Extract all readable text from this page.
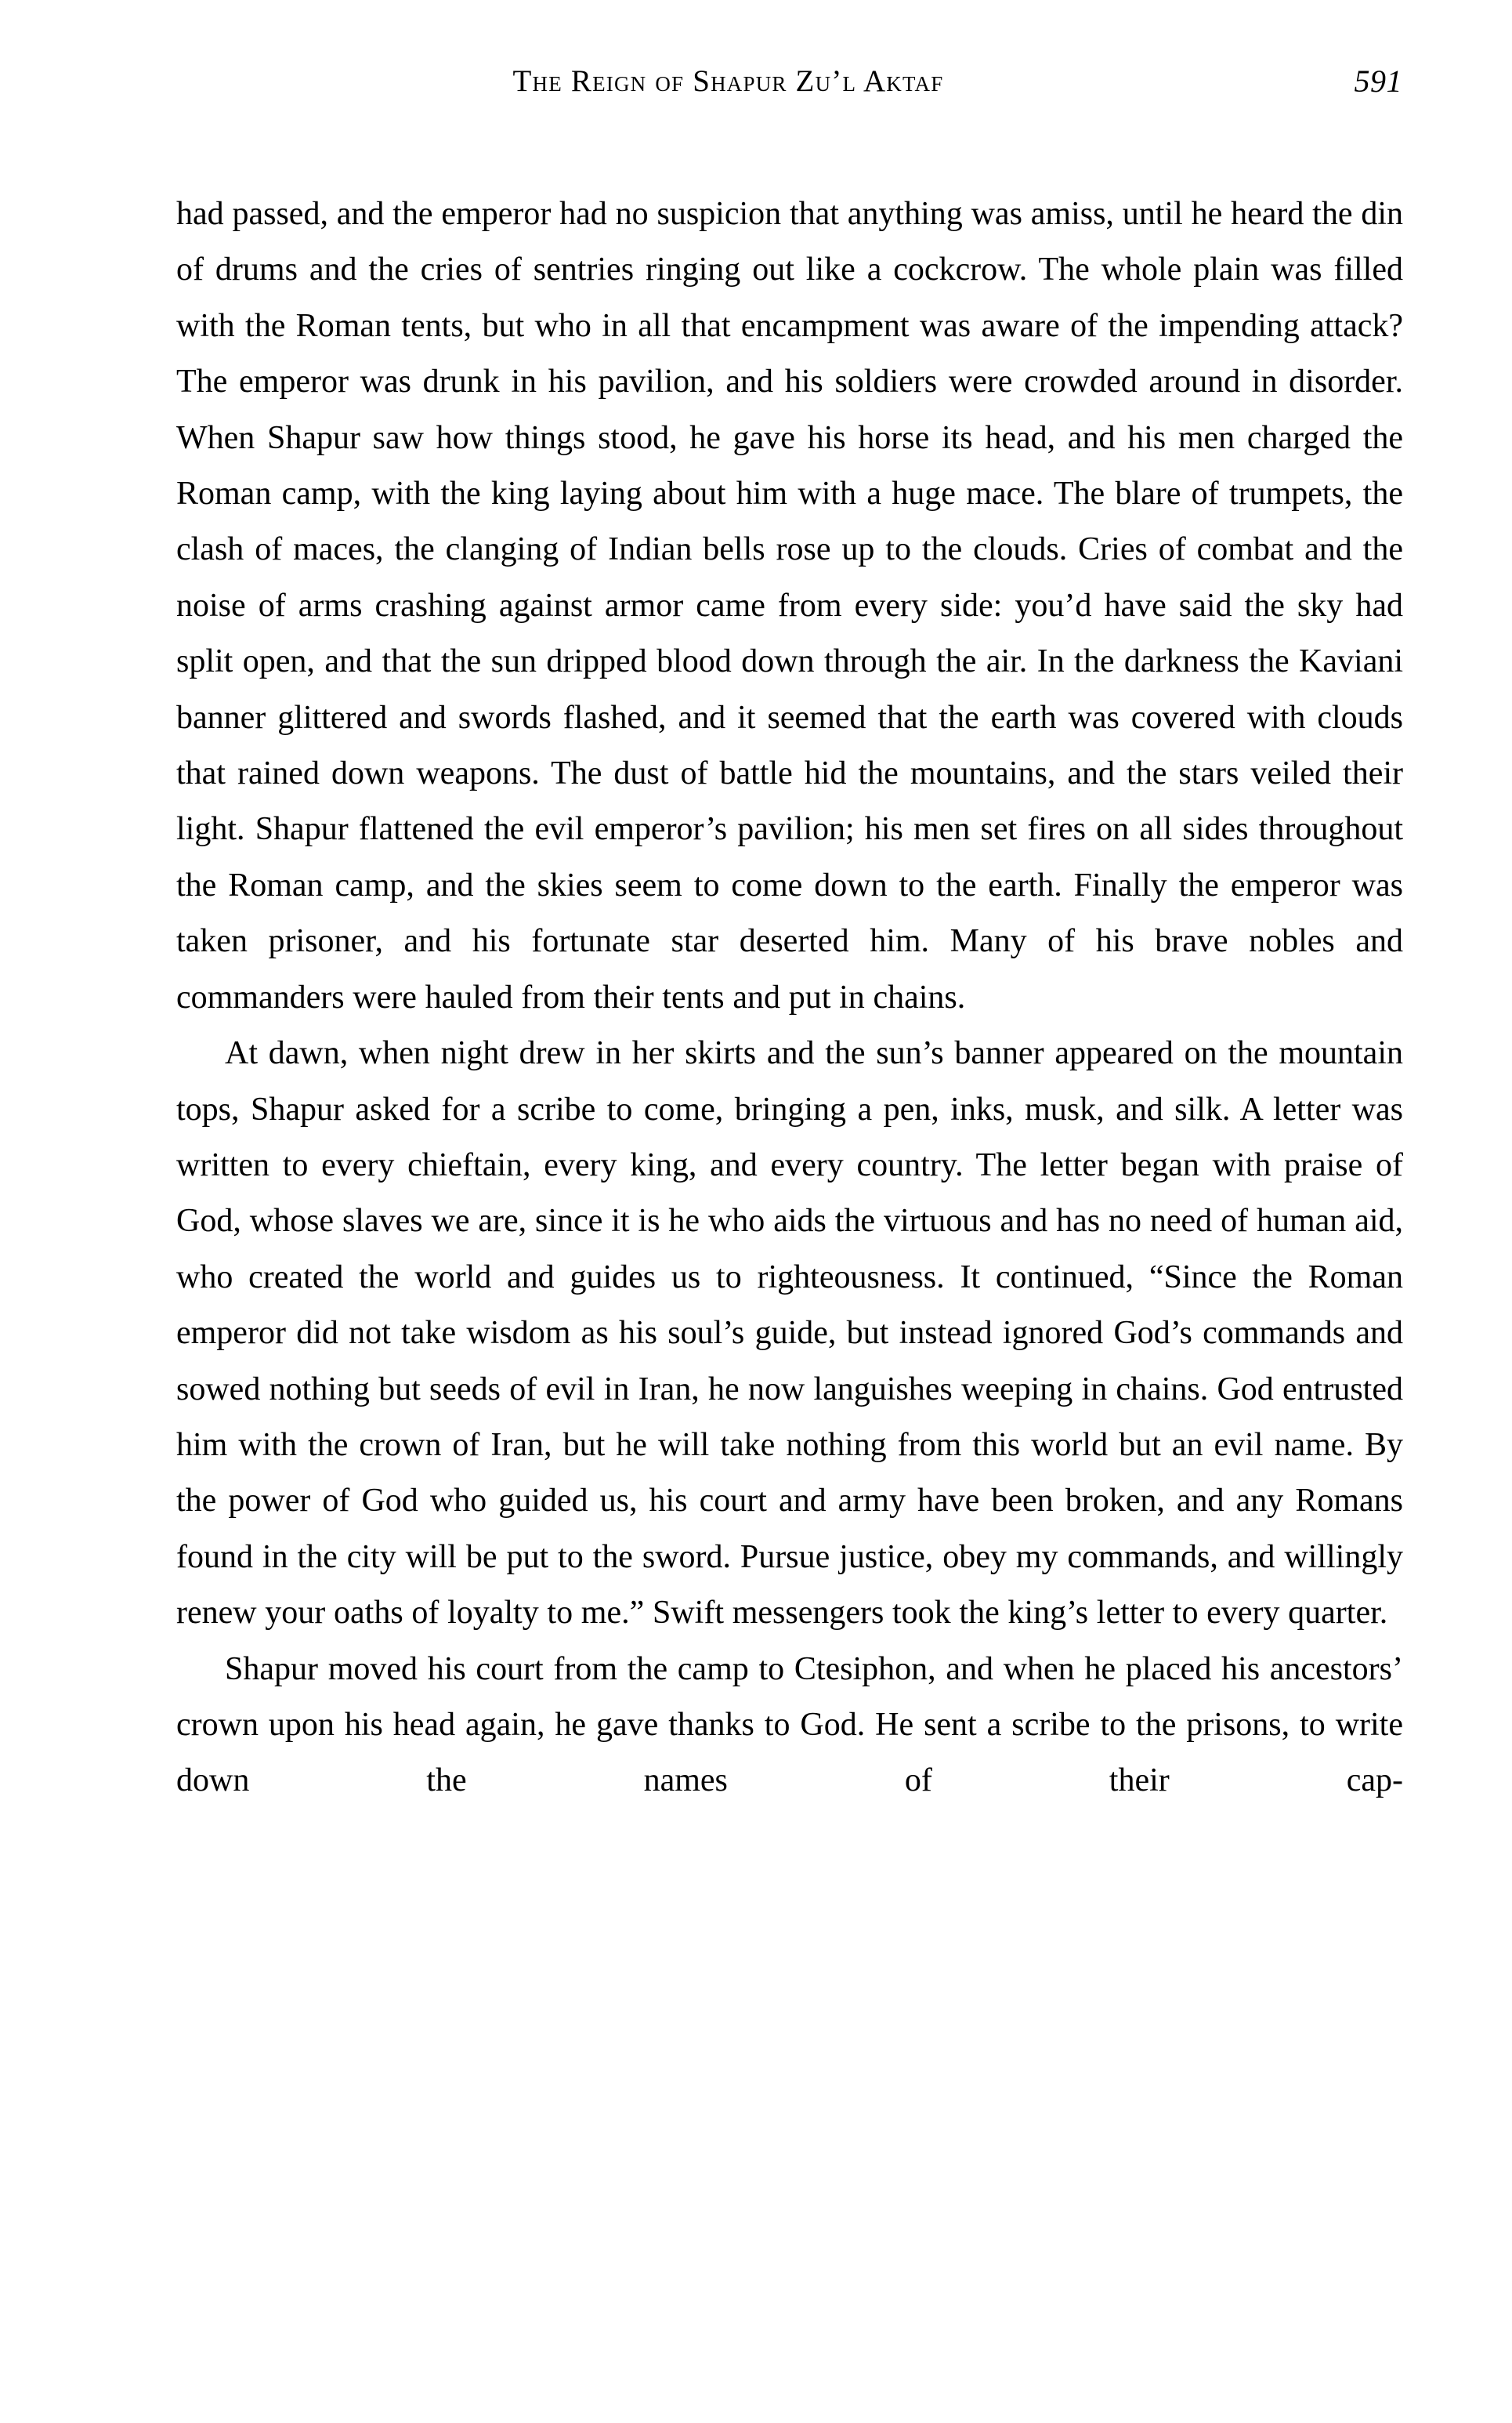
The Reign of Shapur Zu’l Aktaf	591

had passed, and the emperor had no suspicion that anything was amiss, until he heard the din of drums and the cries of sentries ringing out like a cockcrow. The whole plain was filled with the Roman tents, but who in all that encampment was aware of the impending attack? The emperor was drunk in his pavilion, and his soldiers were crowded around in disorder. When Shapur saw how things stood, he gave his horse its head, and his men charged the Roman camp, with the king laying about him with a huge mace. The blare of trumpets, the clash of maces, the clanging of Indian bells rose up to the clouds. Cries of combat and the noise of arms crashing against armor came from every side: you’d have said the sky had split open, and that the sun dripped blood down through the air. In the darkness the Kaviani banner glittered and swords flashed, and it seemed that the earth was covered with clouds that rained down weapons. The dust of battle hid the mountains, and the stars veiled their light. Shapur flattened the evil emperor’s pavilion; his men set fires on all sides throughout the Roman camp, and the skies seem to come down to the earth. Finally the emperor was taken prisoner, and his fortunate star deserted him. Many of his brave nobles and commanders were hauled from their tents and put in chains.

At dawn, when night drew in her skirts and the sun’s banner appeared on the mountain tops, Shapur asked for a scribe to come, bringing a pen, inks, musk, and silk. A letter was written to every chieftain, every king, and every country. The letter began with praise of God, whose slaves we are, since it is he who aids the virtuous and has no need of human aid, who created the world and guides us to righteousness. It continued, “Since the Roman emperor did not take wisdom as his soul’s guide, but instead ignored God’s commands and sowed nothing but seeds of evil in Iran, he now languishes weeping in chains. God entrusted him with the crown of Iran, but he will take nothing from this world but an evil name. By the power of God who guided us, his court and army have been broken, and any Romans found in the city will be put to the sword. Pursue justice, obey my commands, and willingly renew your oaths of loyalty to me.” Swift messengers took the king’s letter to every quarter.

Shapur moved his court from the camp to Ctesiphon, and when he placed his ancestors’ crown upon his head again, he gave thanks to God. He sent a scribe to the prisons, to write down the names of their cap-
